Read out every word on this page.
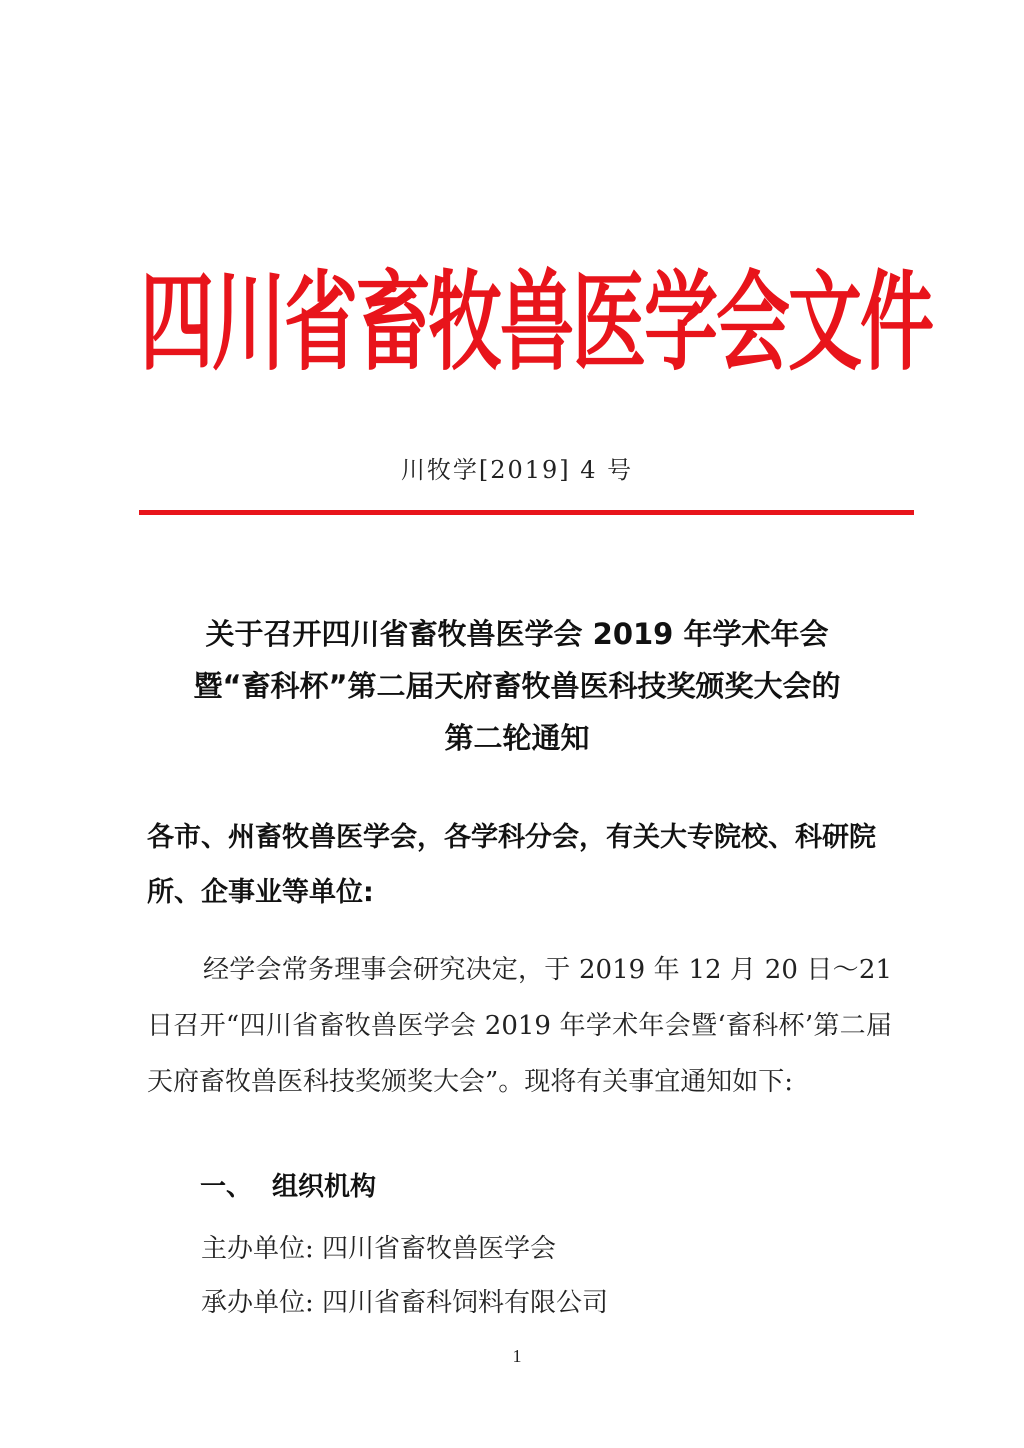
四川省畜牧兽医学会文件
川牧学[2019] 4 号
关于召开四川省畜牧兽医学会 2019 年学术年会
暨“畜科杯”第二届天府畜牧兽医科技奖颁奖大会的
第二轮通知
各市、州畜牧兽医学会，各学科分会，有关大专院校、科研院所、企事业等单位:
经学会常务理事会研究决定，于 2019 年 12 月 20 日～21 日召开“四川省畜牧兽医学会 2019 年学术年会暨‘畜科杯’第二届天府畜牧兽医科技奖颁奖大会”。现将有关事宜通知如下:
一、 组织机构
主办单位: 四川省畜牧兽医学会
承办单位: 四川省畜科饲料有限公司
1
